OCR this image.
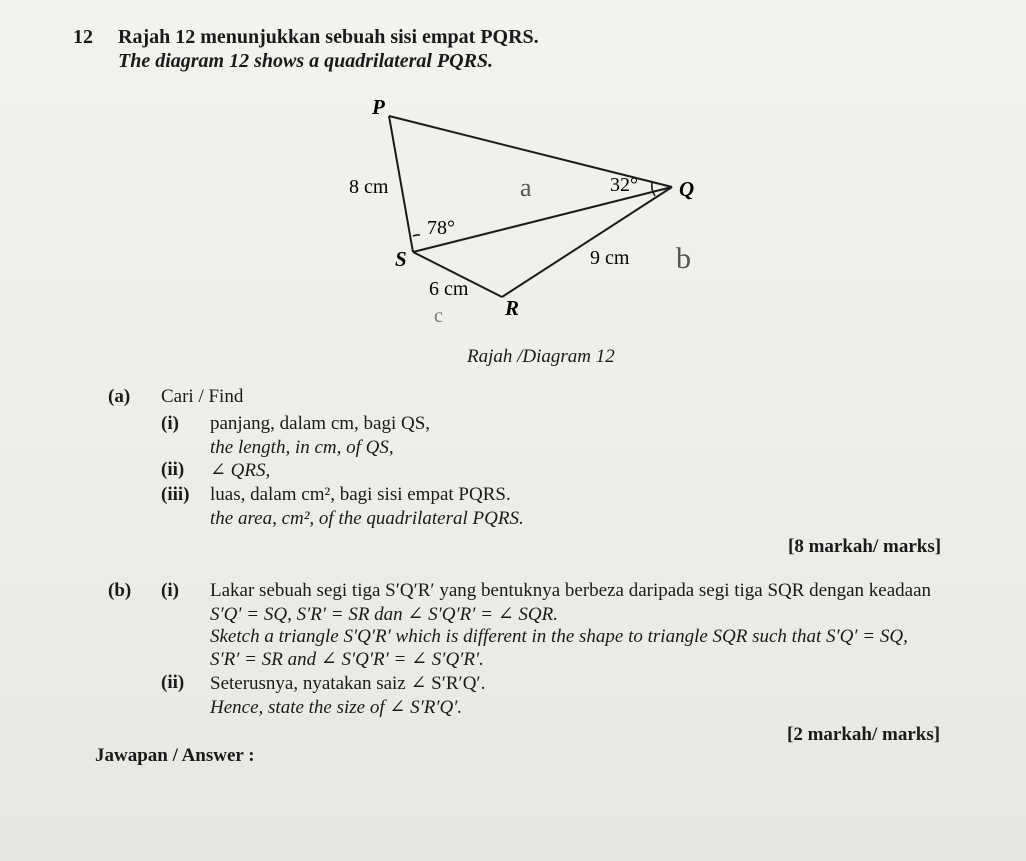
12 Rajah 12 menunjukkan sebuah sisi empat PQRS.
The diagram 12 shows a quadrilateral PQRS.
P
Q
R
S
8 cm
9 cm
6 cm
32°
78°
a
b
c
Rajah /Diagram 12
(a) Cari / Find
(i) panjang, dalam cm, bagi QS,
the length, in cm, of QS,
(ii) ∠ QRS,
(iii) luas, dalam cm², bagi sisi empat PQRS.
the area, cm², of the quadrilateral PQRS.
[8 markah/ marks]
(b) (i) Lakar sebuah segi tiga S′Q′R′ yang bentuknya berbeza daripada segi tiga SQR dengan keadaan
S′Q′ = SQ, S′R′ = SR dan ∠ S′Q′R′ = ∠ SQR.
Sketch a triangle S′Q′R′ which is different in the shape to triangle SQR such that S′Q′ = SQ,
S′R′ = SR and ∠ S′Q′R′ = ∠ S′Q′R′.
(ii) Seterusnya, nyatakan saiz ∠ S′R′Q′.
Hence, state the size of ∠ S′R′Q′.
[2 markah/ marks]
Jawapan / Answer :
